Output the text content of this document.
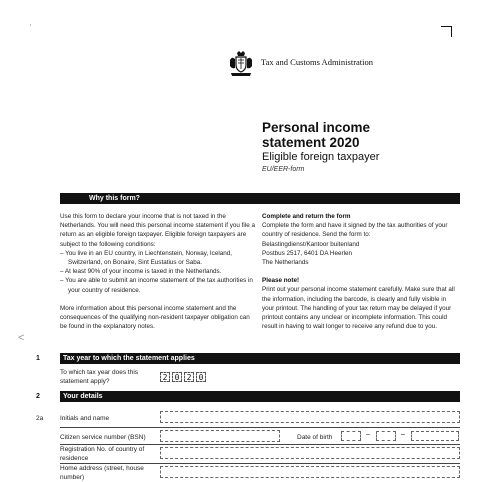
Tax and Customs Administration
Personal income
statement 2020
Eligible foreign taxpayer
EU/EER-form
Why this form?
Use this form to declare your income that is not taxed in the Netherlands. You will need this personal income statement if you file a return as an eligible foreign taxpayer. Eligible foreign taxpayers are subject to the following conditions:
– You live in an EU country, in Liechtenstein, Norway, Iceland, Switzerland, on Bonaire, Sint Eustatius or Saba.
– At least 90% of your income is taxed in the Netherlands.
– You are able to submit an income statement of the tax authorities in your country of residence.
More information about this personal income statement and the consequences of the qualifying non-resident taxpayer obligation can be found in the explanatory notes.
Complete and return the form
Complete the form and have it signed by the tax authorities of your country of residence. Send the form to:
Belastingdienst/Kantoor buitenland
Postbus 2517, 6401 DA Heerlen
The Netherlands
Please note!
Print out your personal income statement carefully. Make sure that all the information, including the barcode, is clearly and fully visible in your printout. The handling of your tax return may be delayed if your printout contains any unclear or incomplete information. This could result in having to wait longer to receive any refund due to you.
<
1	Tax year to which the statement applies
To which tax year does this statement apply?	2 0 2 0
2	Your details
2a	Initials and name
Citizen service number (BSN)	Date of birth	–	–
Registration No. of country of residence
Home address (street, house number)
